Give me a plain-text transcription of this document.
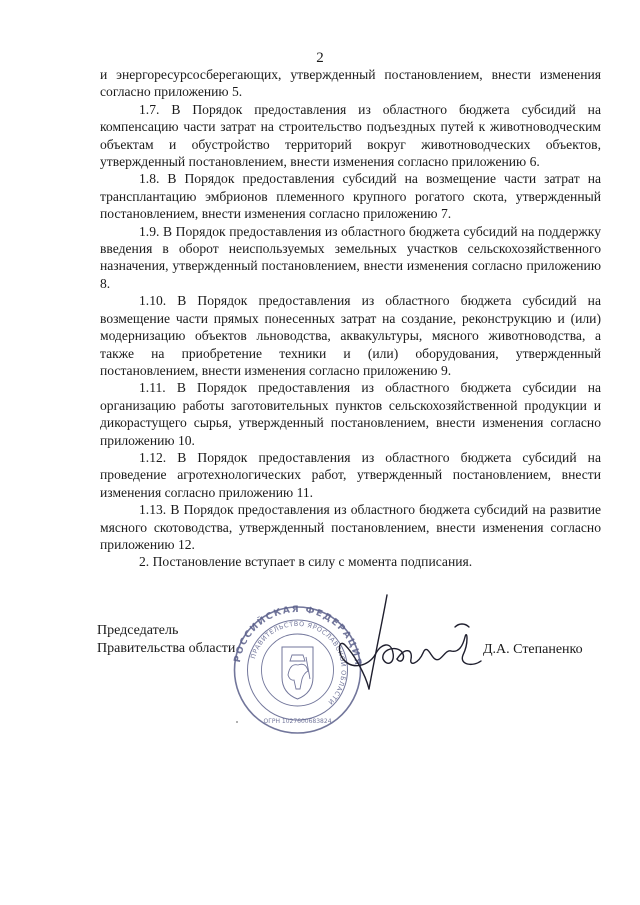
2

и энергоресурсосберегающих, утвержденный постановлением, внести изменения согласно приложению 5.

1.7. В Порядок предоставления из областного бюджета субсидий на компенсацию части затрат на строительство подъездных путей к животноводческим объектам и обустройство территорий вокруг животноводческих объектов, утвержденный постановлением, внести изменения согласно приложению 6.

1.8. В Порядок предоставления субсидий на возмещение части затрат на трансплантацию эмбрионов племенного крупного рогатого скота, утвержденный постановлением, внести изменения согласно приложению 7.

1.9. В Порядок предоставления из областного бюджета субсидий на поддержку введения в оборот неиспользуемых земельных участков сельскохозяйственного назначения, утвержденный постановлением, внести изменения согласно приложению 8.

1.10. В Порядок предоставления из областного бюджета субсидий на возмещение части прямых понесенных затрат на создание, реконструкцию и (или) модернизацию объектов льноводства, аквакультуры, мясного животноводства, а также на приобретение техники и (или) оборудования, утвержденный постановлением, внести изменения согласно приложению 9.

1.11. В Порядок предоставления из областного бюджета субсидии на организацию работы заготовительных пунктов сельскохозяйственной продукции и дикорастущего сырья, утвержденный постановлением, внести изменения согласно приложению 10.

1.12. В Порядок предоставления из областного бюджета субсидий на проведение агротехнологических работ, утвержденный постановлением, внести изменения согласно приложению 11.

1.13. В Порядок предоставления из областного бюджета субсидий на развитие мясного скотоводства, утвержденный постановлением, внести изменения согласно приложению 12.

2. Постановление вступает в силу с момента подписания.

Председатель
Правительства области	Д.А. Степаненко
РОССИЙСКАЯ ФЕДЕРАЦИЯ
ПРАВИТЕЛЬСТВО ЯРОСЛАВСКОЙ ОБЛАСТИ
ОГРН 1027600683824
